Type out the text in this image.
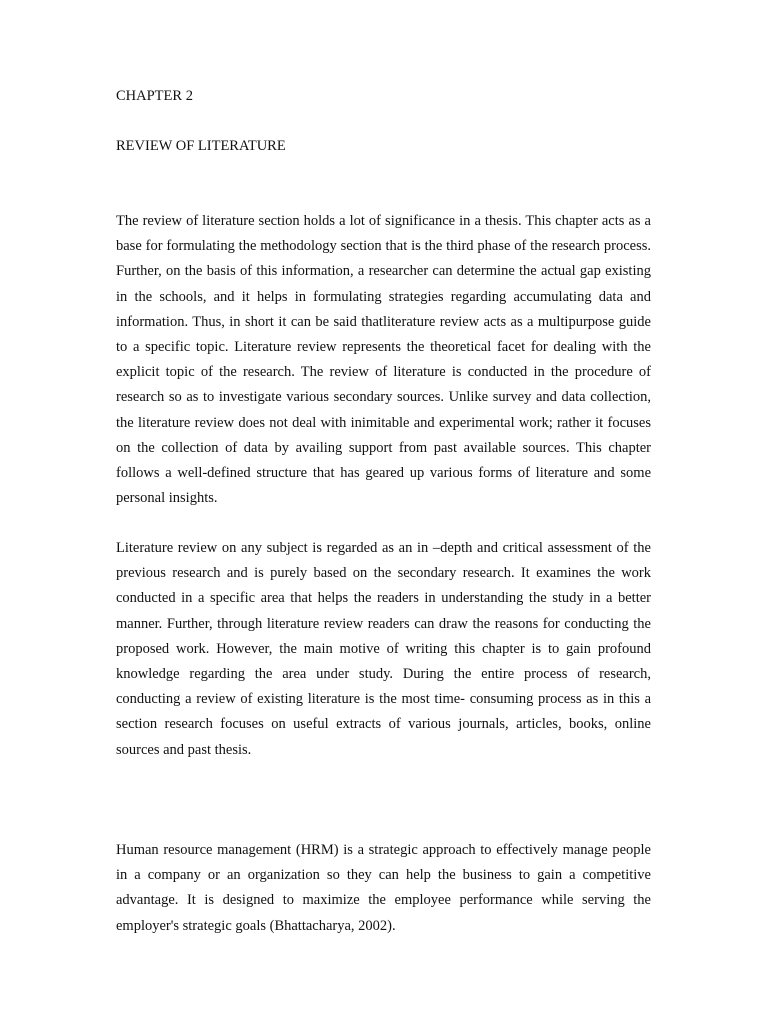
CHAPTER 2

REVIEW OF LITERATURE

The review of literature section holds a lot of significance in a thesis. This chapter acts as a base for formulating the methodology section that is the third phase of the research process. Further, on the basis of this information, a researcher can determine the actual gap existing in the schools, and it helps in formulating strategies regarding accumulating data and information. Thus, in short it can be said thatliterature review acts as a multipurpose guide to a specific topic. Literature review represents the theoretical facet for dealing with the explicit topic of the research. The review of literature is conducted in the procedure of research so as to investigate various secondary sources. Unlike survey and data collection, the literature review does not deal with inimitable and experimental work; rather it focuses on the collection of data by availing support from past available sources. This chapter follows a well-defined structure that has geared up various forms of literature and some personal insights.

Literature review on any subject is regarded as an in –depth and critical assessment of the previous research and is purely based on the secondary research. It examines the work conducted in a specific area that helps the readers in understanding the study in a better manner. Further, through literature review readers can draw the reasons for conducting the proposed work. However, the main motive of writing this chapter is to gain profound knowledge regarding the area under study. During the entire process of research, conducting a review of existing literature is the most time- consuming process as in this a section research focuses on useful extracts of various journals, articles, books, online sources and past thesis.

Human resource management (HRM) is a strategic approach to effectively manage people in a company or an organization so they can help the business to gain a competitive advantage. It is designed to maximize the employee performance while serving the employer's strategic goals (Bhattacharya, 2002).
